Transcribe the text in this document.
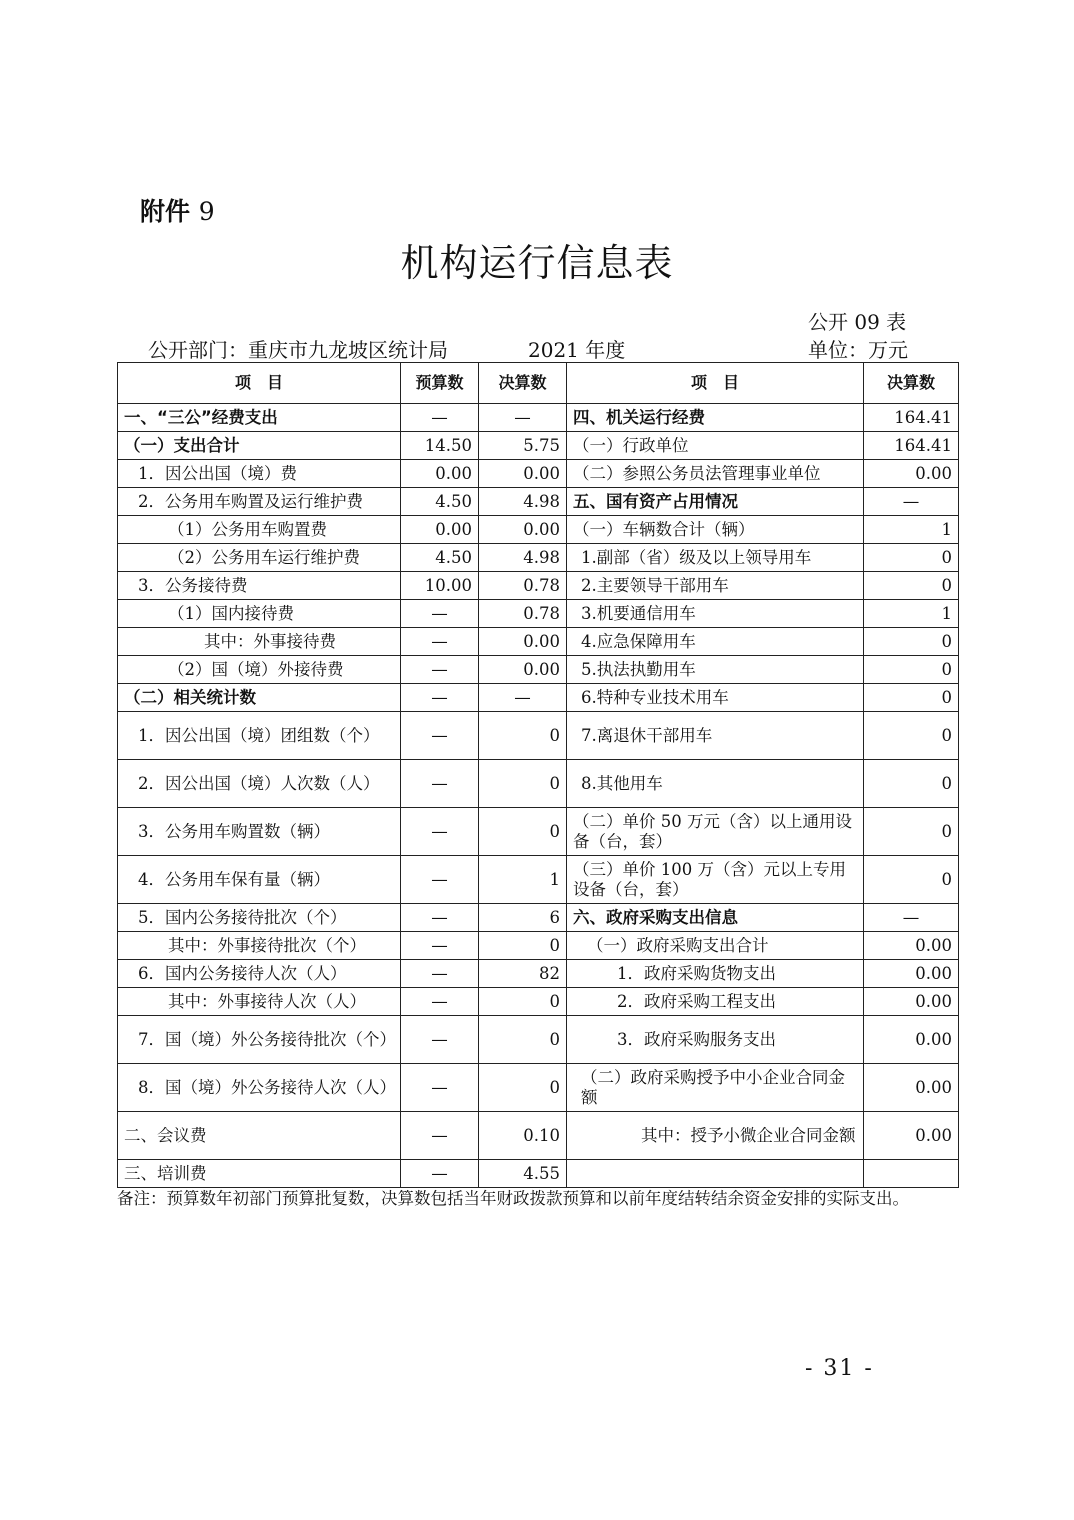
附件 9
机构运行信息表
公开 09 表
公开部门：重庆市九龙坡区统计局	2021 年度	单位：万元
项　目	预算数	决算数	项　目	决算数
一、“三公”经费支出	—	—	四、机关运行经费	164.41
（一）支出合计	14.50	5.75	（一）行政单位	164.41
1．因公出国（境）费	0.00	0.00	（二）参照公务员法管理事业单位	0.00
2．公务用车购置及运行维护费	4.50	4.98	五、国有资产占用情况	—
（1）公务用车购置费	0.00	0.00	（一）车辆数合计（辆）	1
（2）公务用车运行维护费	4.50	4.98	1.副部（省）级及以上领导用车	0
3．公务接待费	10.00	0.78	2.主要领导干部用车	0
（1）国内接待费	—	0.78	3.机要通信用车	1
其中：外事接待费	—	0.00	4.应急保障用车	0
（2）国（境）外接待费	—	0.00	5.执法执勤用车	0
（二）相关统计数	—	—	6.特种专业技术用车	0
1．因公出国（境）团组数（个）	—	0	7.离退休干部用车	0
2．因公出国（境）人次数（人）	—	0	8.其他用车	0
3．公务用车购置数（辆）	—	0	（二）单价 50 万元（含）以上通用设备（台，套）	0
4．公务用车保有量（辆）	—	1	（三）单价 100 万（含）元以上专用设备（台，套）	0
5．国内公务接待批次（个）	—	6	六、政府采购支出信息	—
其中：外事接待批次（个）	—	0	（一）政府采购支出合计	0.00
6．国内公务接待人次（人）	—	82	1．政府采购货物支出	0.00
其中：外事接待人次（人）	—	0	2．政府采购工程支出	0.00
7．国（境）外公务接待批次（个）	—	0	3．政府采购服务支出	0.00
8．国（境）外公务接待人次（人）	—	0	（二）政府采购授予中小企业合同金额	0.00
二、会议费	—	0.10	其中：授予小微企业合同金额	0.00
三、培训费	—	4.55		
备注：预算数年初部门预算批复数，决算数包括当年财政拨款预算和以前年度结转结余资金安排的实际支出。
- 31 -
